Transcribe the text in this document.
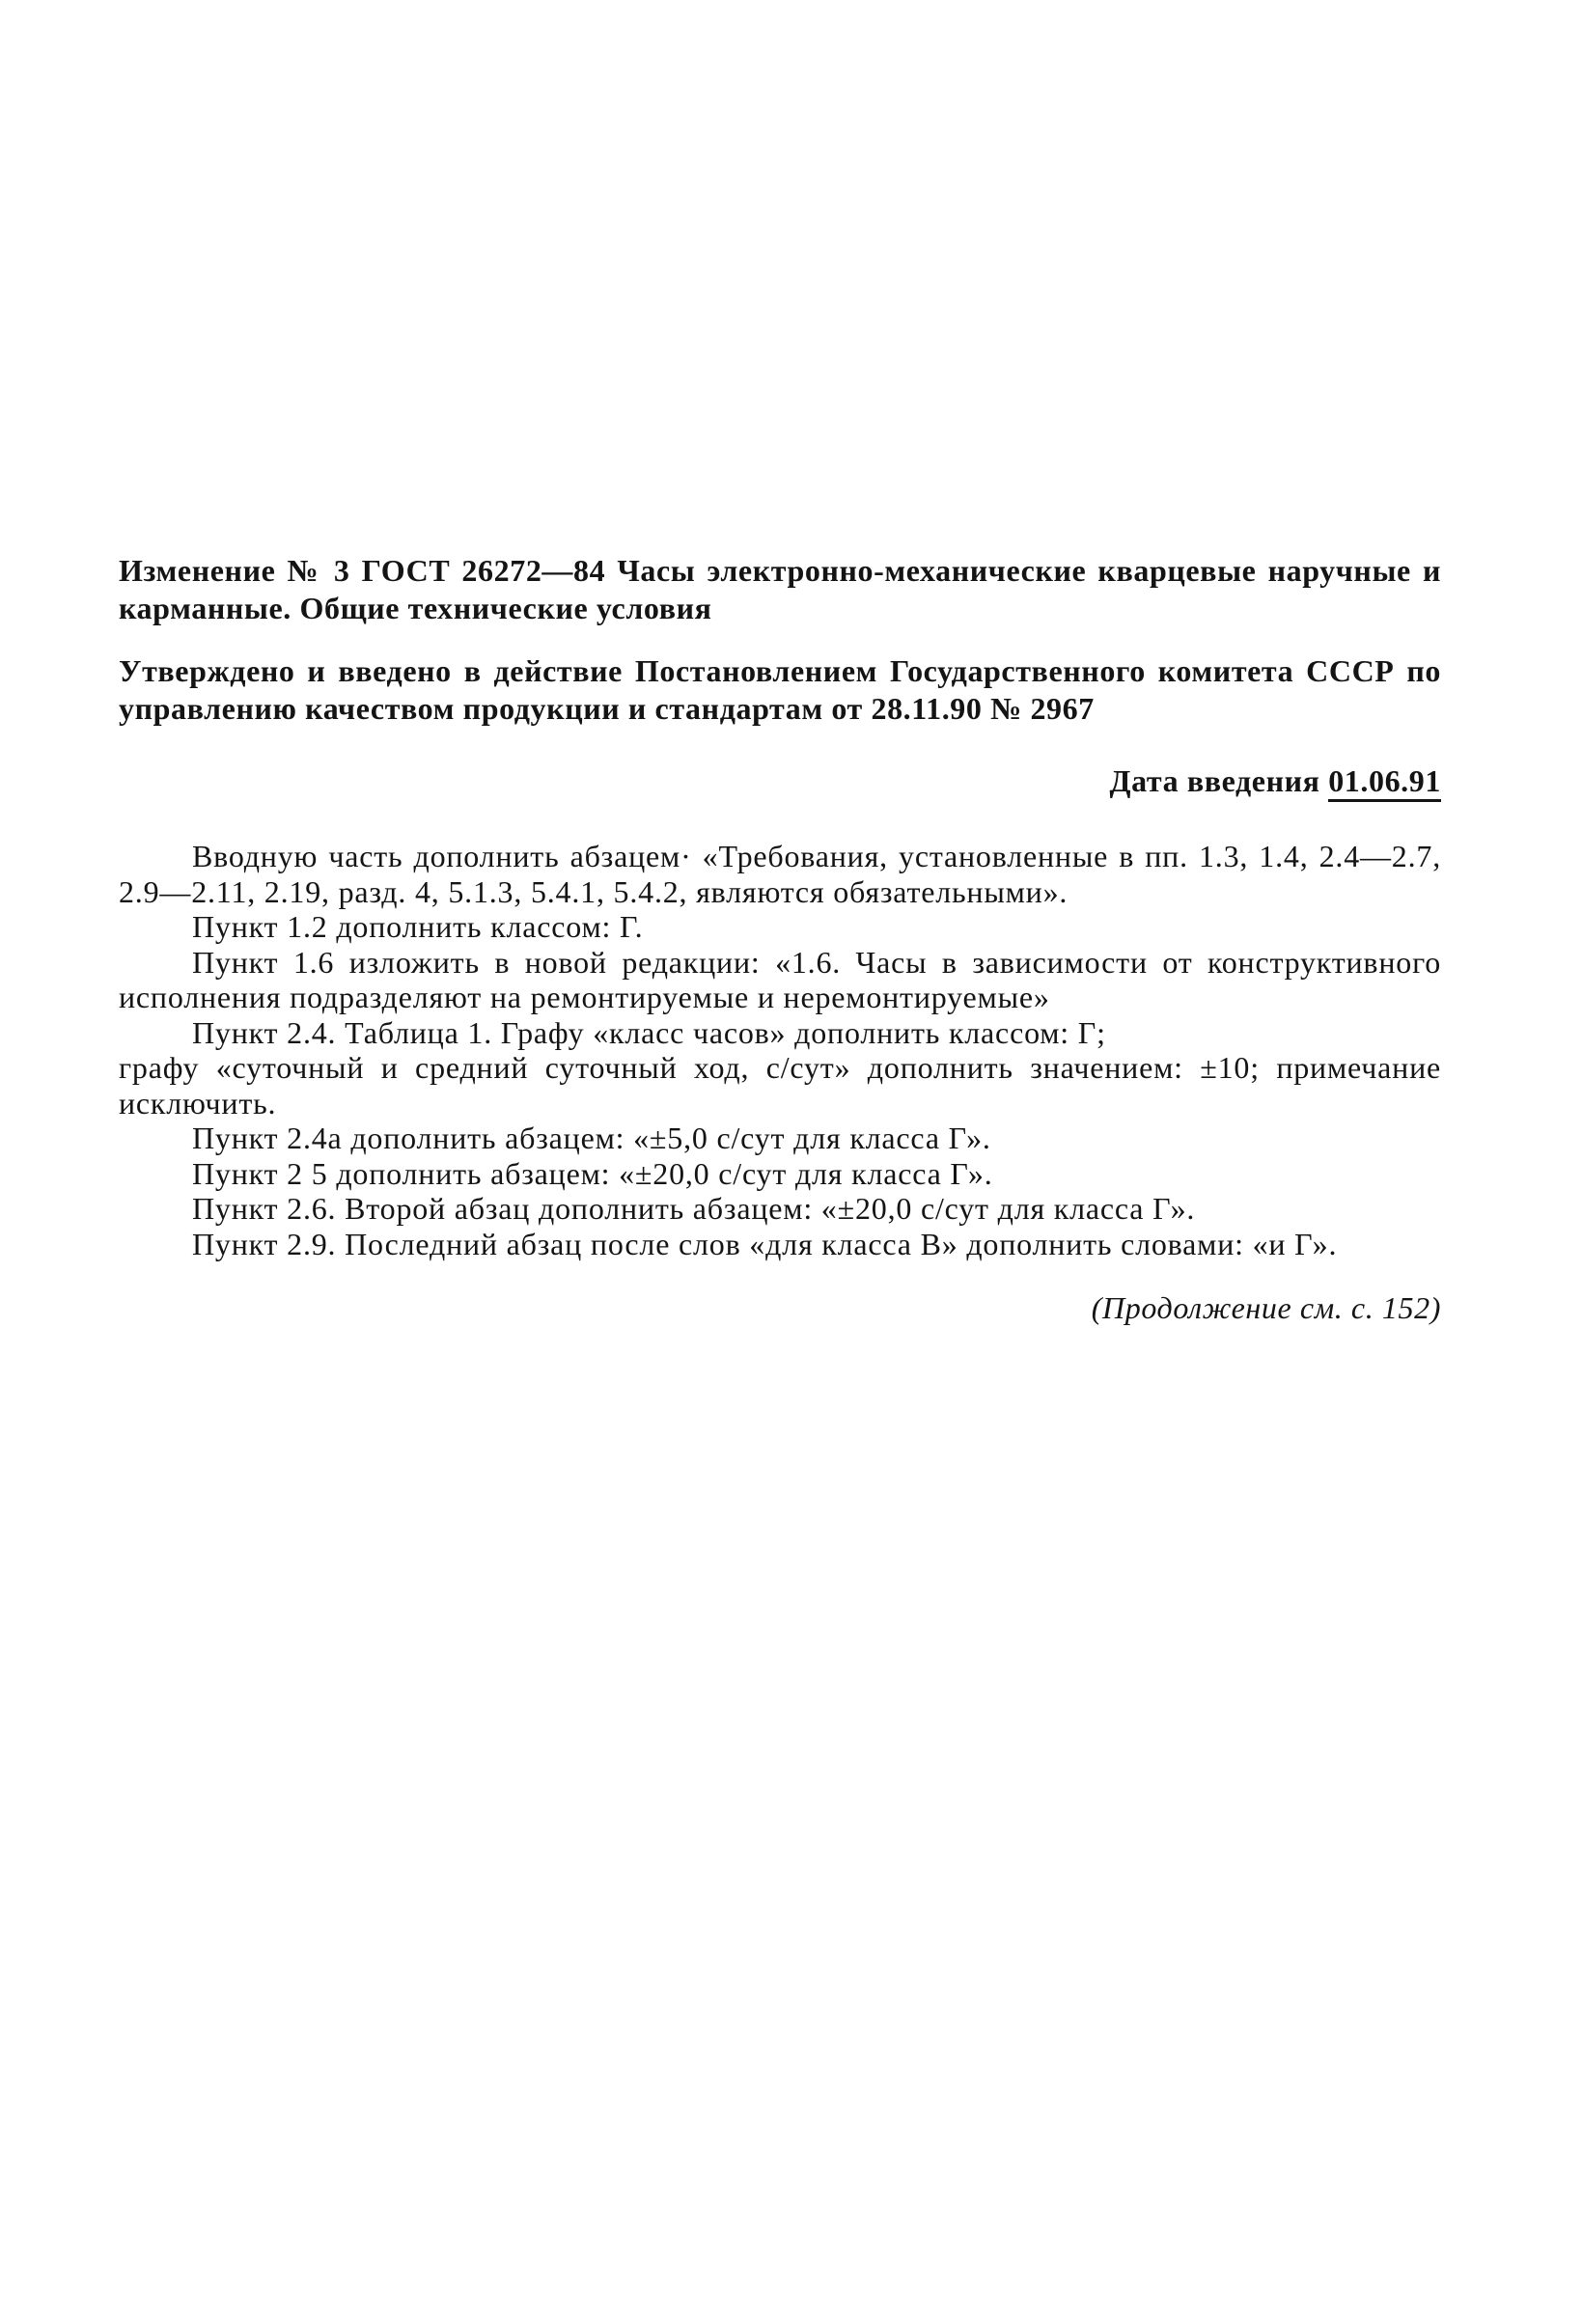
Изменение № 3 ГОСТ 26272—84 Часы электронно-механические кварцевые наручные и карманные. Общие технические условия

Утверждено и введено в действие Постановлением Государственного комитета СССР по управлению качеством продукции и стандартам от 28.11.90 № 2967

Дата введения 01.06.91

Вводную часть дополнить абзацем· «Требования, установленные в пп. 1.3, 1.4, 2.4—2.7, 2.9—2.11, 2.19, разд. 4, 5.1.3, 5.4.1, 5.4.2, являются обязательными».

Пункт 1.2 дополнить классом: Г.

Пункт 1.6 изложить в новой редакции: «1.6. Часы в зависимости от конструктивного исполнения подразделяют на ремонтируемые и неремонтируемые»

Пункт 2.4. Таблица 1. Графу «класс часов» дополнить классом: Г;

графу «суточный и средний суточный ход, с/сут» дополнить значением: ±10; примечание исключить.

Пункт 2.4а дополнить абзацем: «±5,0 с/сут для класса Г».

Пункт 2 5 дополнить абзацем: «±20,0 с/сут для класса Г».

Пункт 2.6. Второй абзац дополнить абзацем: «±20,0 с/сут для класса Г».

Пункт 2.9. Последний абзац после слов «для класса В» дополнить словами: «и Г».

(Продолжение см. с. 152)
